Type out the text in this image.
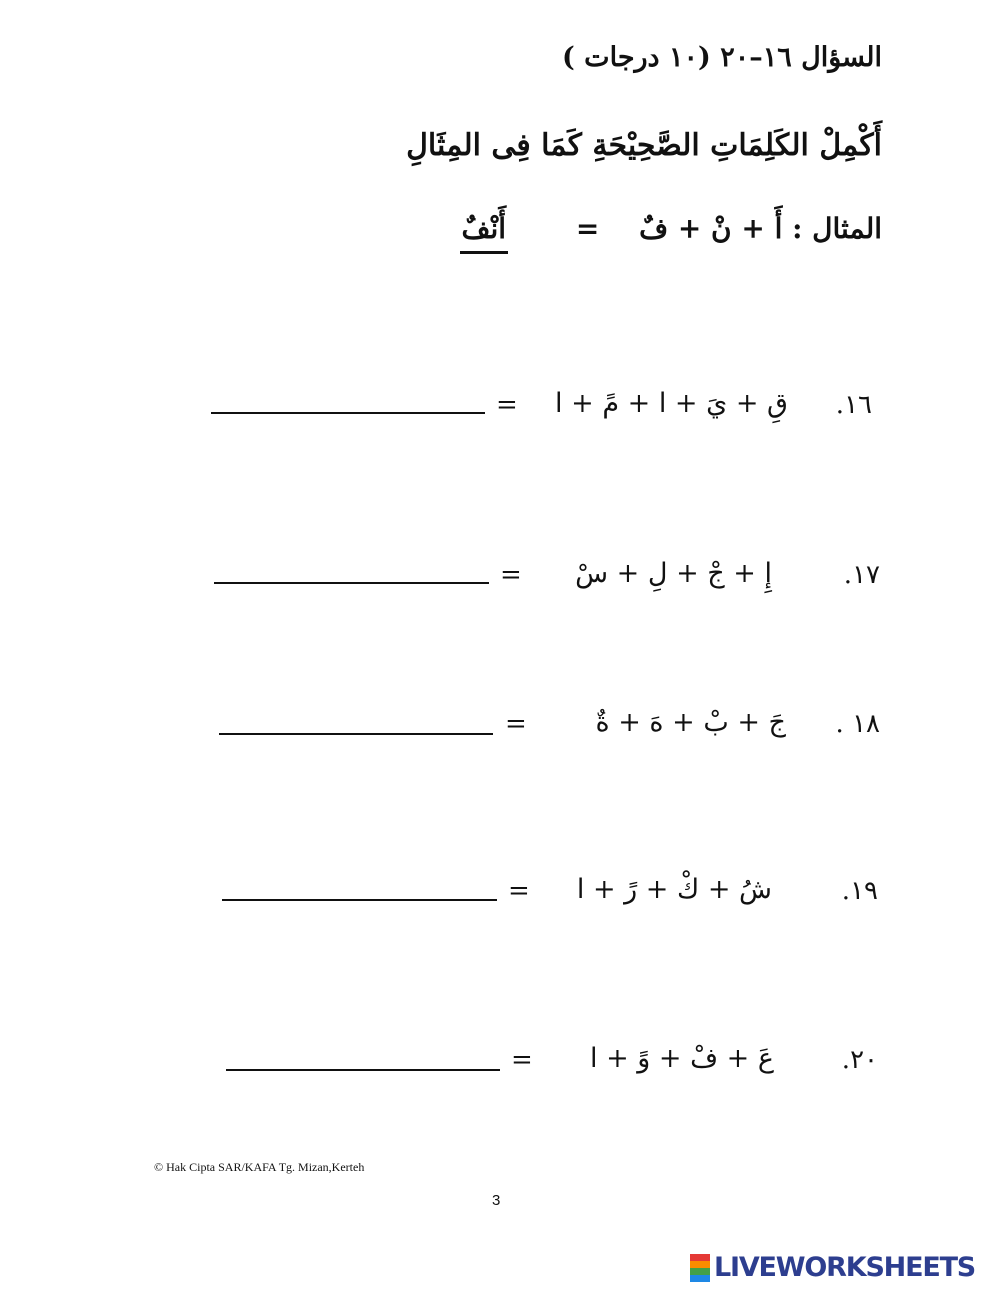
السؤال ١٦–٢٠ (١٠ درجات )
أَكْمِلْ الكَلِمَاتِ الصَّحِيْحَةِ كَمَا فِى المِثَالِ
المثال : أَ + نْ + فٌ = أَنْفٌ
١٦.
قِ + يَ + ا + مً + ا
=
١٧.
إِ + جْ + لِ + سْ
=
١٨ .
جَ + بْ + هَ + ةٌ
=
١٩.
شُ + كْ + رً + ا
=
٢٠.
عَ + فْ + وً + ا
=
© Hak Cipta SAR/KAFA Tg. Mizan,Kerteh
3
LIVEWORKSHEETS
